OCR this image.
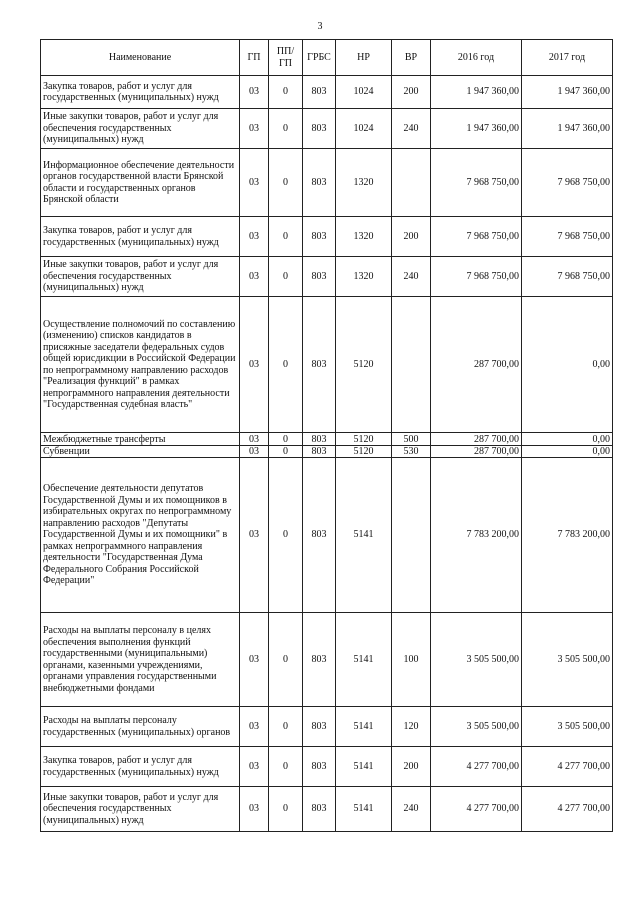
3
Наименование	ГП	ПП/ГП	ГРБС	НР	ВР	2016 год	2017 год
Закупка товаров, работ и услуг для государственных (муниципальных) нужд	03	0	803	1024	200	1 947 360,00	1 947 360,00
Иные закупки товаров, работ и услуг для обеспечения государственных (муниципальных) нужд	03	0	803	1024	240	1 947 360,00	1 947 360,00
Информационное обеспечение деятельности органов государственной власти Брянской области и государственных органов Брянской области	03	0	803	1320		7 968 750,00	7 968 750,00
Закупка товаров, работ и услуг для государственных (муниципальных) нужд	03	0	803	1320	200	7 968 750,00	7 968 750,00
Иные закупки товаров, работ и услуг для обеспечения государственных (муниципальных) нужд	03	0	803	1320	240	7 968 750,00	7 968 750,00
Осуществление полномочий по составлению (изменению) списков кандидатов в присяжные заседатели федеральных судов общей юрисдикции в Российской Федерации по непрограммному направлению расходов "Реализация функций" в рамках непрограммного направления деятельности "Государственная судебная власть"	03	0	803	5120		287 700,00	0,00
Межбюджетные трансферты	03	0	803	5120	500	287 700,00	0,00
Субвенции	03	0	803	5120	530	287 700,00	0,00
Обеспечение деятельности депутатов Государственной Думы и их помощников в избирательных округах по непрограммному направлению расходов "Депутаты Государственной Думы и их помощники" в рамках непрограммного направления деятельности "Государственная Дума Федерального Собрания Российской Федерации"	03	0	803	5141		7 783 200,00	7 783 200,00
Расходы на выплаты персоналу в целях обеспечения выполнения функций государственными (муниципальными) органами, казенными учреждениями, органами управления государственными внебюджетными фондами	03	0	803	5141	100	3 505 500,00	3 505 500,00
Расходы на выплаты персоналу государственных (муниципальных) органов	03	0	803	5141	120	3 505 500,00	3 505 500,00
Закупка товаров, работ и услуг для государственных (муниципальных) нужд	03	0	803	5141	200	4 277 700,00	4 277 700,00
Иные закупки товаров, работ и услуг для обеспечения государственных (муниципальных) нужд	03	0	803	5141	240	4 277 700,00	4 277 700,00
